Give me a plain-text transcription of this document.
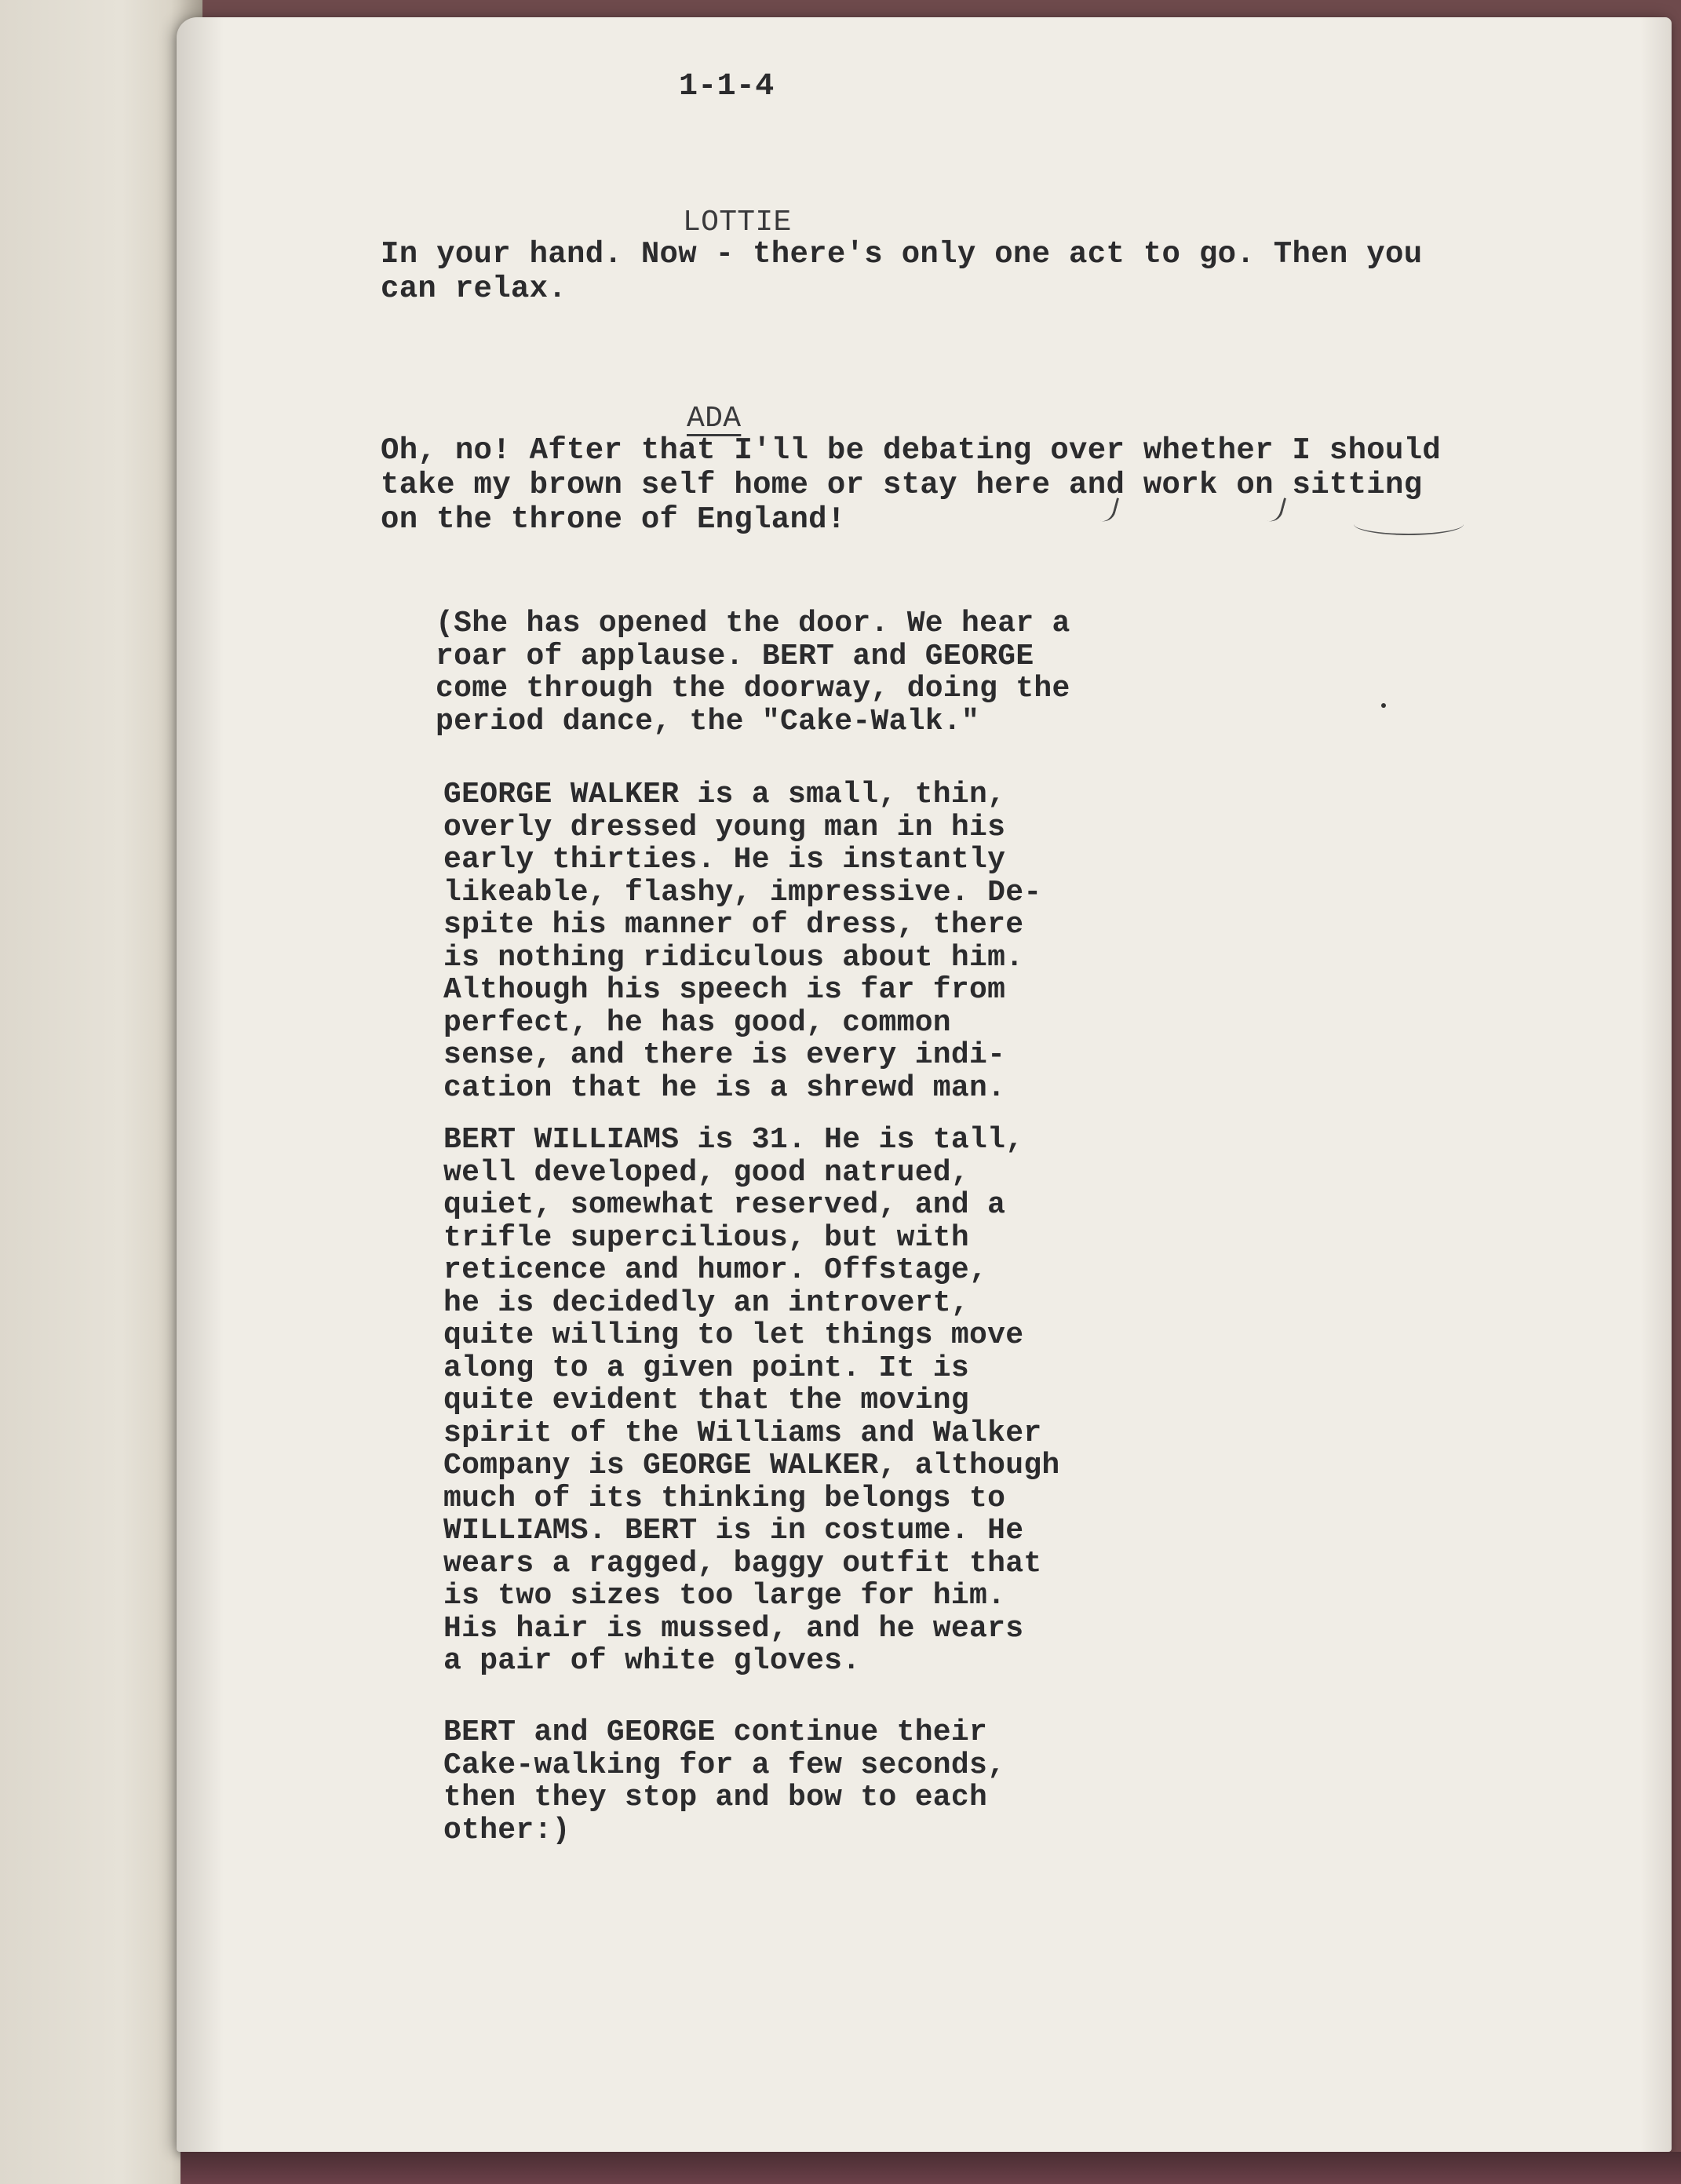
1-1-4
LOTTIE
In your hand. Now - there's only one act to go. Then you
can relax.
ADA
Oh, no! After that I'll be debating over whether I should
take my brown self home or stay here and work on sitting
on the throne of England!
(She has opened the door. We hear a
roar of applause. BERT and GEORGE
come through the doorway, doing the
period dance, the "Cake-Walk."
GEORGE WALKER is a small, thin,
overly dressed young man in his
early thirties. He is instantly
likeable, flashy, impressive. De-
spite his manner of dress, there
is nothing ridiculous about him.
Although his speech is far from
perfect, he has good, common
sense, and there is every indi-
cation that he is a shrewd man.
BERT WILLIAMS is 31. He is tall,
well developed, good natrued,
quiet, somewhat reserved, and a
trifle supercilious, but with
reticence and humor. Offstage,
he is decidedly an introvert,
quite willing to let things move
along to a given point. It is
quite evident that the moving
spirit of the Williams and Walker
Company is GEORGE WALKER, although
much of its thinking belongs to
WILLIAMS. BERT is in costume. He
wears a ragged, baggy outfit that
is two sizes too large for him.
His hair is mussed, and he wears
a pair of white gloves.
BERT and GEORGE continue their
Cake-walking for a few seconds,
then they stop and bow to each
other:)
